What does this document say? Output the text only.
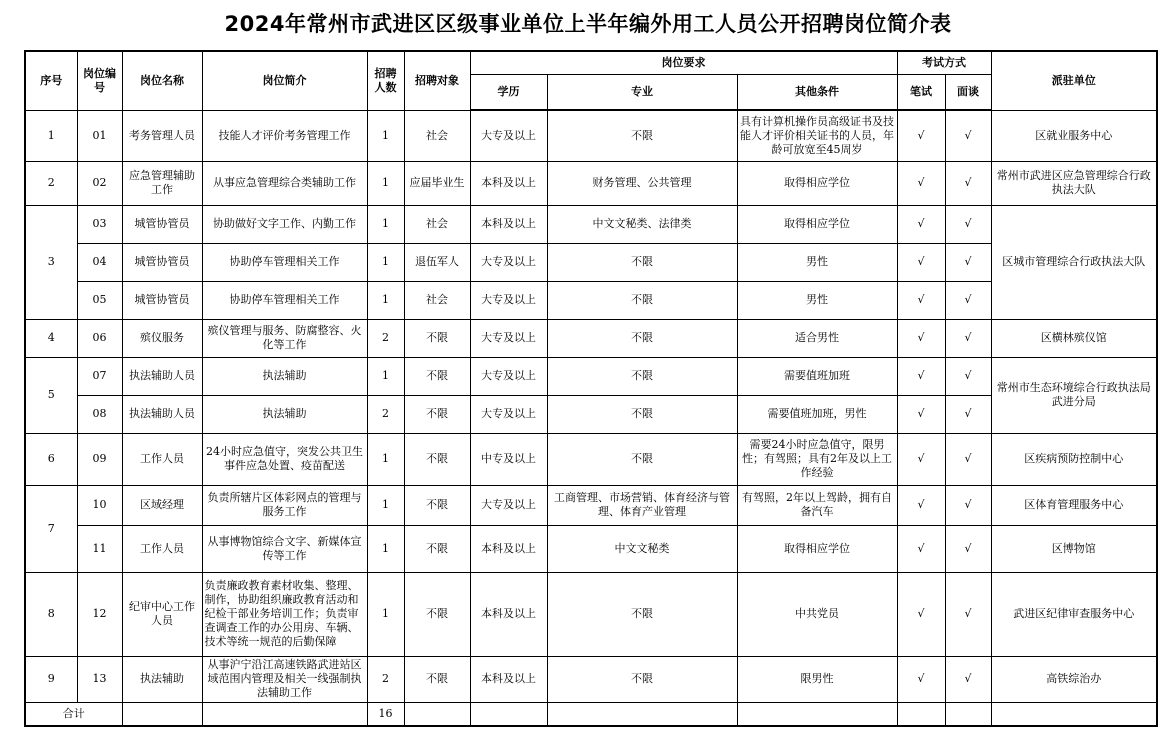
2024年常州市武进区区级事业单位上半年编外用工人员公开招聘岗位简介表
序号	岗位编号	岗位名称	岗位简介	招聘人数	招聘对象	岗位要求			考试方式		派驻单位
						学历	专业	其他条件	笔试	面谈	
1	01	考务管理人员	技能人才评价考务管理工作	1	社会	大专及以上	不限	具有计算机操作员高级证书及技能人才评价相关证书的人员，年龄可放宽至45周岁	√	√	区就业服务中心
2	02	应急管理辅助工作	从事应急管理综合类辅助工作	1	应届毕业生	本科及以上	财务管理、公共管理	取得相应学位	√	√	常州市武进区应急管理综合行政执法大队
3	03	城管协管员	协助做好文字工作、内勤工作	1	社会	本科及以上	中文文秘类、法律类	取得相应学位	√	√	区城市管理综合行政执法大队
	04	城管协管员	协助停车管理相关工作	1	退伍军人	大专及以上	不限	男性	√	√	
	05	城管协管员	协助停车管理相关工作	1	社会	大专及以上	不限	男性	√	√	
4	06	殡仪服务	殡仪管理与服务、防腐整容、火化等工作	2	不限	大专及以上	不限	适合男性	√	√	区横林殡仪馆
5	07	执法辅助人员	执法辅助	1	不限	大专及以上	不限	需要值班加班	√	√	常州市生态环境综合行政执法局武进分局
	08	执法辅助人员	执法辅助	2	不限	大专及以上	不限	需要值班加班，男性	√	√	
6	09	工作人员	24小时应急值守，突发公共卫生事件应急处置、疫苗配送	1	不限	中专及以上	不限	需要24小时应急值守，限男性；有驾照；具有2年及以上工作经验	√	√	区疾病预防控制中心
7	10	区域经理	负责所辖片区体彩网点的管理与服务工作	1	不限	大专及以上	工商管理、市场营销、体育经济与管理、体育产业管理	有驾照，2年以上驾龄，拥有自备汽车	√	√	区体育管理服务中心
	11	工作人员	从事博物馆综合文字、新媒体宣传等工作	1	不限	本科及以上	中文文秘类	取得相应学位	√	√	区博物馆
8	12	纪审中心工作人员	负责廉政教育素材收集、整理、制作，协助组织廉政教育活动和纪检干部业务培训工作；负责审查调查工作的办公用房、车辆、技术等统一规范的后勤保障	1	不限	本科及以上	不限	中共党员	√	√	武进区纪律审查服务中心
9	13	执法辅助	从事沪宁沿江高速铁路武进站区域范围内管理及相关一线强制执法辅助工作	2	不限	本科及以上	不限	限男性	√	√	高铁综治办
合计				16							
